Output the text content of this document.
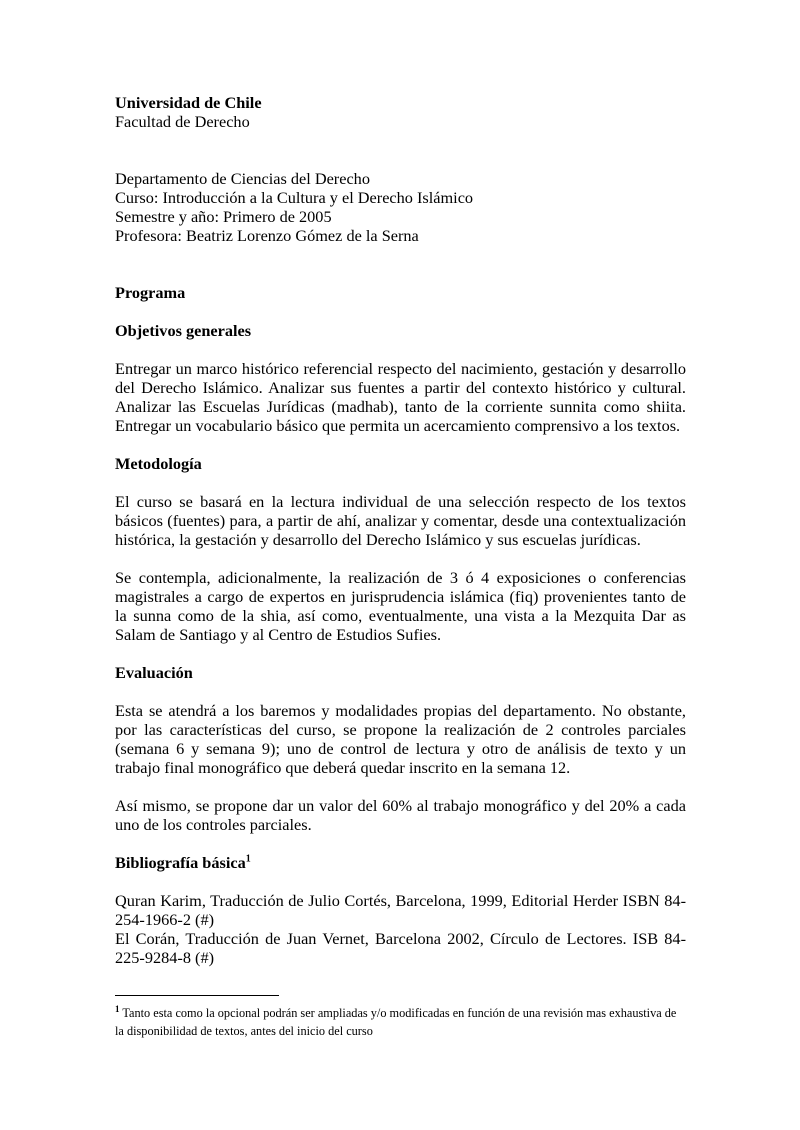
Universidad de Chile

Facultad de Derecho

Departamento de Ciencias del Derecho

Curso: Introducción a la Cultura y el Derecho Islámico

Semestre y año: Primero de 2005

Profesora: Beatriz Lorenzo Gómez de la Serna

Programa

Objetivos generales

Entregar un marco histórico referencial respecto del nacimiento, gestación y desarrollo del Derecho Islámico. Analizar sus fuentes a partir del contexto histórico y cultural. Analizar las Escuelas Jurídicas (madhab), tanto de la corriente sunnita como shiita. Entregar un vocabulario básico que permita un acercamiento comprensivo a los textos.

Metodología

El curso se basará en la lectura individual de una selección respecto de los textos básicos (fuentes) para, a partir de ahí, analizar y comentar, desde una contextualización histórica, la gestación y desarrollo del Derecho Islámico y sus escuelas jurídicas.

Se contempla, adicionalmente, la realización de 3 ó 4 exposiciones o conferencias magistrales a cargo de expertos en jurisprudencia islámica (fiq) provenientes tanto de la sunna como de la shia, así como, eventualmente, una vista a la Mezquita Dar as Salam de Santiago y al Centro de Estudios Sufies.

Evaluación

Esta se atendrá a los baremos y modalidades propias del departamento. No obstante, por las características del curso, se propone la realización de 2 controles parciales (semana 6 y semana 9); uno de control de lectura y otro de análisis de texto y un trabajo final monográfico que deberá quedar inscrito en la semana 12.

Así mismo, se propone dar un valor del 60% al trabajo monográfico y del 20% a cada uno de los controles parciales.

Bibliografía básica$^1$

Quran Karim, Traducción de Julio Cortés, Barcelona, 1999, Editorial Herder ISBN 84-254-1966-2 (#)

El Corán, Traducción de Juan Vernet, Barcelona 2002, Círculo de Lectores. ISB 84-225-9284-8 (#)

$^1$ Tanto esta como la opcional podrán ser ampliadas y/o modificadas en función de una revisión mas exhaustiva de la disponibilidad de textos, antes del inicio del curso
